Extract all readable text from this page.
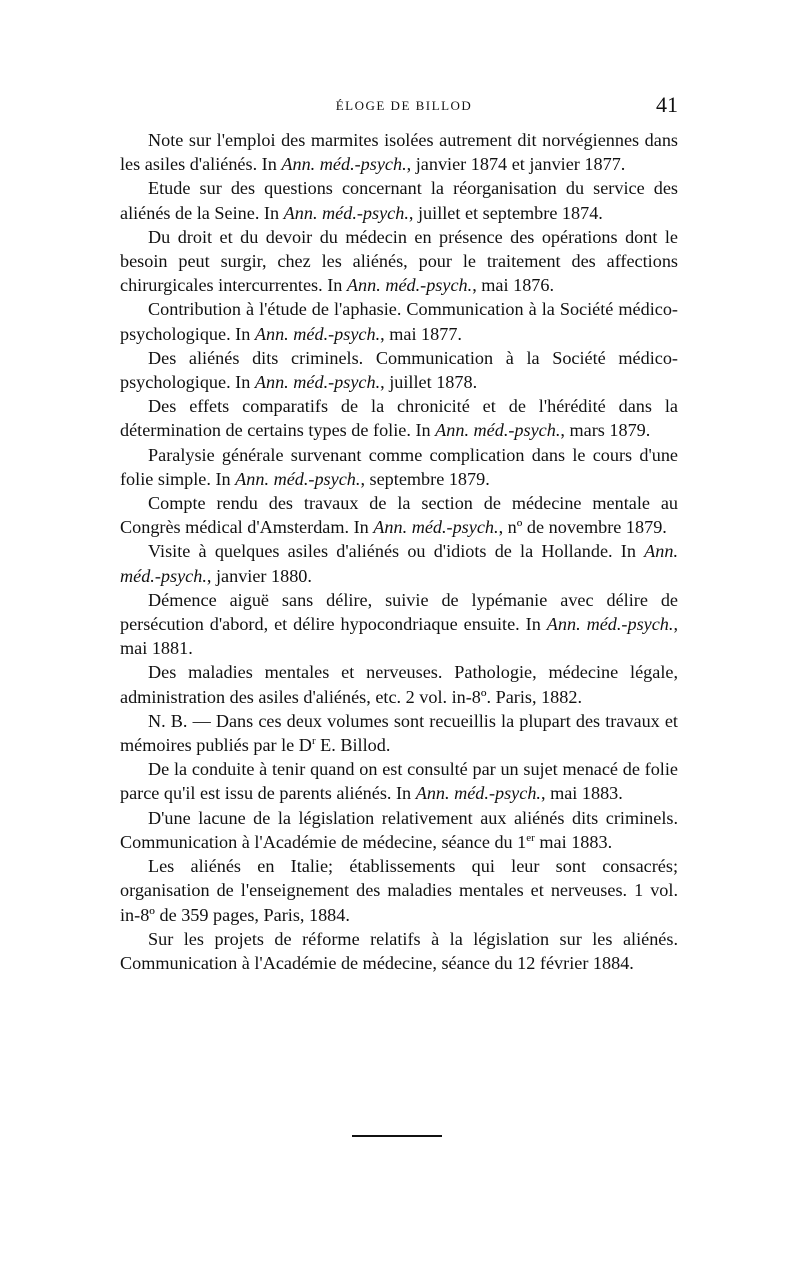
ÉLOGE DE BILLOD	41

Note sur l'emploi des marmites isolées autrement dit norvégiennes dans les asiles d'aliénés. In Ann. méd.-psych., janvier 1874 et janvier 1877.

Etude sur des questions concernant la réorganisation du service des aliénés de la Seine. In Ann. méd.-psych., juillet et septembre 1874.

Du droit et du devoir du médecin en présence des opérations dont le besoin peut surgir, chez les aliénés, pour le traitement des affections chirurgicales intercurrentes. In Ann. méd.-psych., mai 1876.

Contribution à l'étude de l'aphasie. Communication à la Société médico-psychologique. In Ann. méd.-psych., mai 1877.

Des aliénés dits criminels. Communication à la Société médico-psychologique. In Ann. méd.-psych., juillet 1878.

Des effets comparatifs de la chronicité et de l'hérédité dans la détermination de certains types de folie. In Ann. méd.-psych., mars 1879.

Paralysie générale survenant comme complication dans le cours d'une folie simple. In Ann. méd.-psych., septembre 1879.

Compte rendu des travaux de la section de médecine mentale au Congrès médical d'Amsterdam. In Ann. méd.-psych., nº de novembre 1879.

Visite à quelques asiles d'aliénés ou d'idiots de la Hollande. In Ann. méd.-psych., janvier 1880.

Démence aiguë sans délire, suivie de lypémanie avec délire de persécution d'abord, et délire hypocondriaque ensuite. In Ann. méd.-psych., mai 1881.

Des maladies mentales et nerveuses. Pathologie, médecine légale, administration des asiles d'aliénés, etc. 2 vol. in-8º. Paris, 1882.

N. B. — Dans ces deux volumes sont recueillis la plupart des travaux et mémoires publiés par le $D^r$ E. Billod.

De la conduite à tenir quand on est consulté par un sujet menacé de folie parce qu'il est issu de parents aliénés. In Ann. méd.-psych., mai 1883.

D'une lacune de la législation relativement aux aliénés dits criminels. Communication à l'Académie de médecine, séance du 1er mai 1883.

Les aliénés en Italie; établissements qui leur sont consacrés; organisation de l'enseignement des maladies mentales et nerveuses. 1 vol. in-8º de 359 pages, Paris, 1884.

Sur les projets de réforme relatifs à la législation sur les aliénés. Communication à l'Académie de médecine, séance du 12 février 1884.
